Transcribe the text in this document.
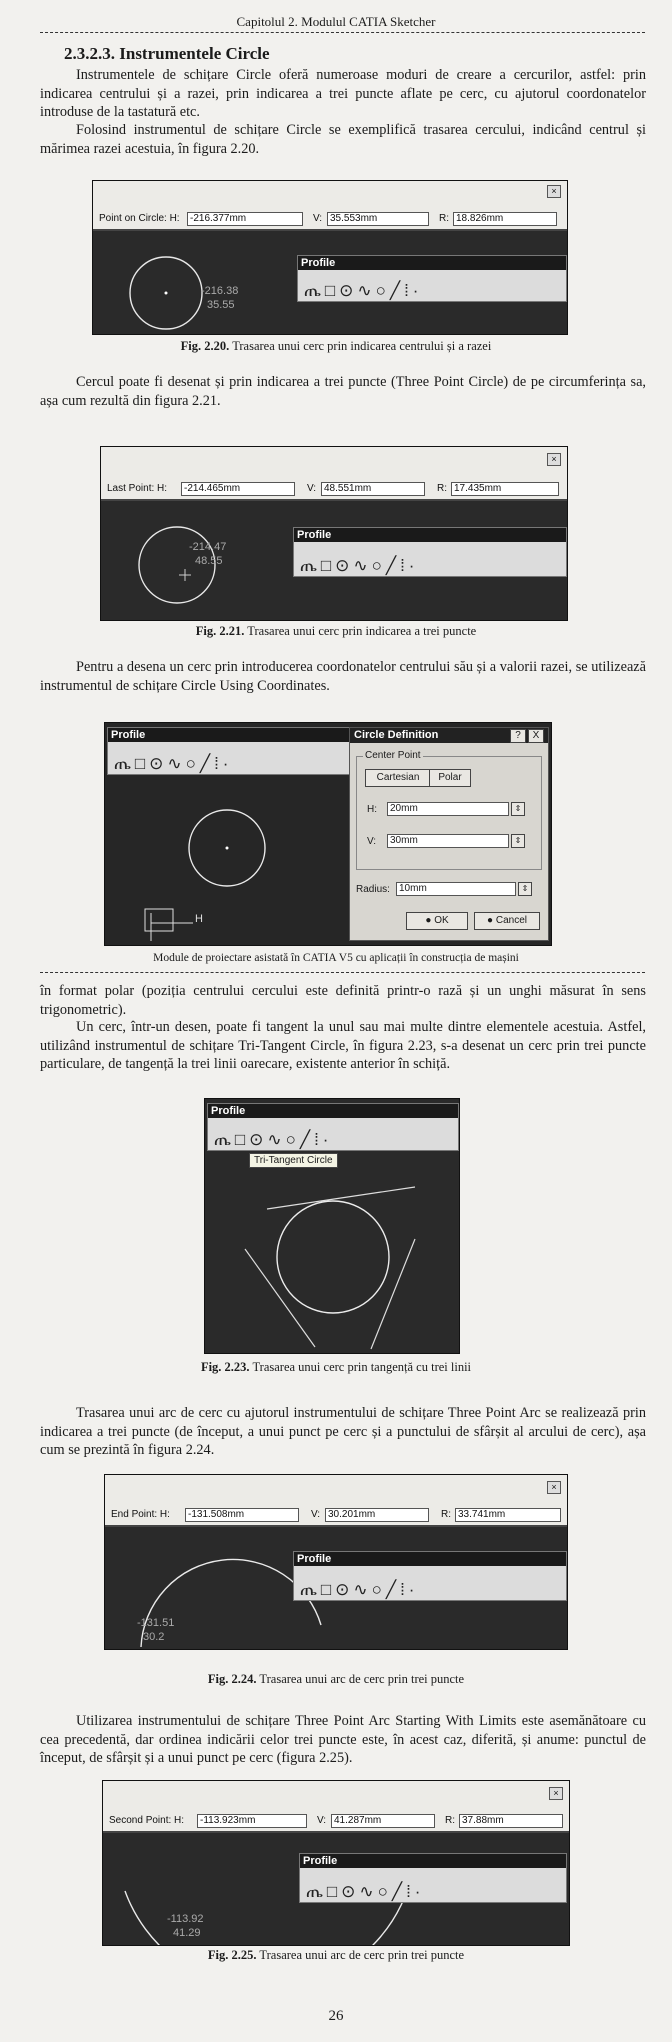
Capitolul 2. Modulul CATIA Sketcher
2.3.2.3. Instrumentele Circle

Instrumentele de schițare Circle oferă numeroase moduri de creare a cercurilor, astfel: prin indicarea centrului și a razei, prin indicarea a trei puncte aflate pe cerc, cu ajutorul coordonatelor introduse de la tastatură etc.

Folosind instrumentul de schițare Circle se exemplifică trasarea cercului, indicând centrul și mărimea razei acestuia, în figura 2.20.

×
Point on Circle: H:	-216.377mm	V: 35.553mm	R: 18.826mm
-216.38
35.55
Profile
ጤ□⊙∿○╱⁞·
Fig. 2.20. Trasarea unui cerc prin indicarea centrului și a razei

Cercul poate fi desenat și prin indicarea a trei puncte (Three Point Circle) de pe circumferința sa, așa cum rezultă din figura 2.21.

×
Last Point: H:	-214.465mm	V: 48.551mm	R: 17.435mm
-214.47
48.55
Profile
ጤ□⊙∿○╱⁞·
Fig. 2.21. Trasarea unui cerc prin indicarea a trei puncte

Pentru a desena un cerc prin introducerea coordonatelor centrului său și a valorii razei, se utilizează instrumentul de schițare Circle Using Coordinates.

Profile
ጤ□⊙∿○╱⁞·
H
Circle Definition	?	X
Center Point
Cartesian	Polar
H:	20mm	⇕
V:	30mm	⇕
Radius: 10mm	⇕
● OK	● Cancel
Module de proiectare asistată în CATIA V5 cu aplicații în construcția de mașini

în format polar (poziția centrului cercului este definită printr-o rază și un unghi măsurat în sens trigonometric).

Un cerc, într-un desen, poate fi tangent la unul sau mai multe dintre elementele acestuia. Astfel, utilizând instrumentul de schițare Tri-Tangent Circle, în figura 2.23, s-a desenat un cerc prin trei puncte particulare, de tangență la trei linii oarecare, existente anterior în schiță.

Profile
ጤ□⊙∿○╱⁞·
Tri-Tangent Circle
Fig. 2.23. Trasarea unui cerc prin tangență cu trei linii

Trasarea unui arc de cerc cu ajutorul instrumentului de schițare Three Point Arc se realizează prin indicarea a trei puncte (de început, a unui punct pe cerc și a punctului de sfârșit al arcului de cerc), așa cum se prezintă în figura 2.24.

×
End Point: H:	-131.508mm	V: 30.201mm	R: 33.741mm
-131.51
30.2
Profile
ጤ□⊙∿○╱⁞·
Fig. 2.24. Trasarea unui arc de cerc prin trei puncte

Utilizarea instrumentului de schițare Three Point Arc Starting With Limits este asemănătoare cu cea precedentă, dar ordinea indicării celor trei puncte este, în acest caz, diferită, și anume: punctul de început, de sfârșit și a unui punct pe cerc (figura 2.25).

×
Second Point: H:	-113.923mm	V: 41.287mm	R: 37.88mm
-113.92
41.29
Profile
ጤ□⊙∿○╱⁞·
Fig. 2.25. Trasarea unui arc de cerc prin trei puncte
26
